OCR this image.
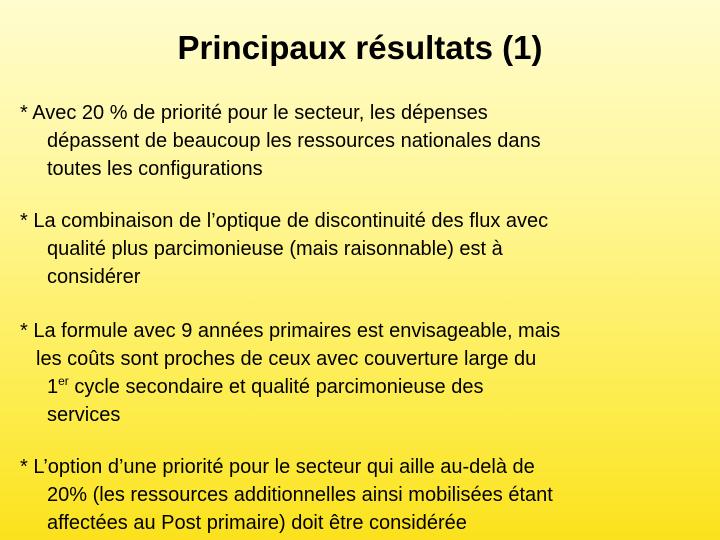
Principaux résultats (1)

* Avec 20 % de priorité pour le secteur, les dépenses
dépassent de beaucoup les ressources nationales dans
toutes les configurations

* La combinaison de l’optique de discontinuité des flux avec
qualité plus parcimonieuse (mais raisonnable) est à
considérer

* La formule avec 9 années primaires est envisageable, mais
les coûts sont proches de ceux avec couverture large du
1er cycle secondaire et qualité parcimonieuse des
services

* L’option d’une priorité pour le secteur qui aille au-delà de
20% (les ressources additionnelles ainsi mobilisées étant
affectées au Post primaire) doit être considérée
